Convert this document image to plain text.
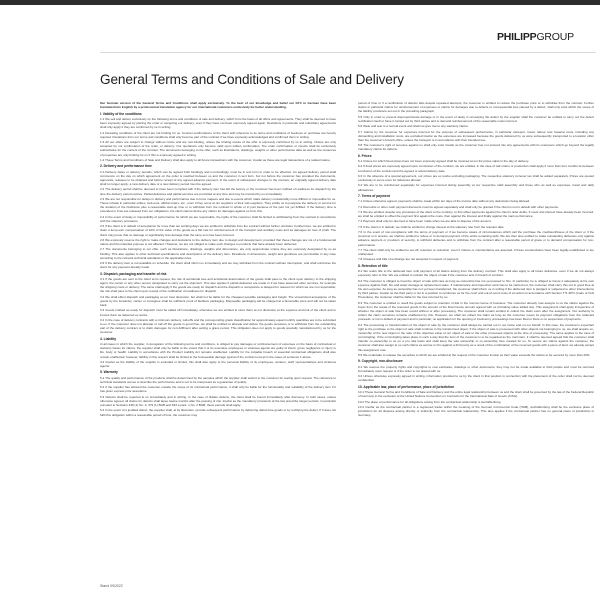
PHILIPPGROUP
General Terms and Conditions of Sale and Delivery

Our German version of the General Terms and Conditions shall apply exclusively. To the best of our knowledge and belief our GTC in German have been translated into English by a professional translation agency for our international customers exclusively for better understanding.

I. Validity of the conditions

1.1 We sell and deliver exclusively on the following terms and conditions of sale and delivery, which form the basis of all offers and agreements. They shall be deemed to have been expressly agreed by placing the order or accepting our delivery, even if they have not been expressly agreed again. Deviations in particular and subsidiary agreements shall only apply if they are confirmed by us in writing.

1.2 Deviating conditions of the client are not binding for us. Counter-confirmations of the client with reference to its terms and conditions of business or purchase are hereby rejected. Deviations from our terms and conditions shall only become part of the contract if we have expressly acknowledged and confirmed them in writing.

1.3 All our offers are subject to change without notice and are non-binding, unless the binding nature of the offer is expressly confirmed by us in writing. Orders are only accepted by our confirmation of the order, or delivery. Our quotations only become valid upon written confirmation. The order confirmation or invoice shall be exclusively authoritative for the content of the contract. The documents belonging to the offer, such as illustrations, drawings, weights or other performance data as well as the resources of properties are only binding for us if this is expressly agreed in writing.

1.4 These Terms and Conditions of Sale and Delivery shall also apply to all future transactions with the customer, insofar as these are legal transactions of a related nature.

2. Delivery and performance time

2.1 Delivery dates or delivery periods, which can be agreed both bindingly and non-bindingly, must be in text form in order to be effective. An agreed delivery period shall commence on the day on which agreement on the order is reached between us and the customer in text form, but not before the customer has provided the documents, approvals, releases to be obtained and before receipt of any agreed advance payment. In the event of subsequent changes to the contract, an originally agreed delivery date shall no longer apply; a new delivery date or a new delivery period must be agreed.

2.2 The delivery period shall be deemed to have been complied with if the delivery item has left the factory or the customer has been notified of readiness for dispatch by the time the delivery period expires. Partial deliveries and partial services are permitted at any time and may be invoiced by us immediately.

2.3 We are not responsible for delays in delivery and performance due to force majeure and due to events which make delivery considerably more difficult or impossible for us. These include in particular strikes, lock-outs, official orders, etc., even if they occur at our suppliers or their sub-suppliers. They entitle us to postpone the delivery or service for the duration of the hindrance plus a reasonable start-up time or to withdraw from the contract in whole or in part because of the part not yet fulfilled. If the delivery time is extended or if we are released from our obligations, the client cannot derive any claims for damages against us from this.

2.4 In the event of delay or impossibility of performance for which we are responsible, the rights of the customer shall be limited to withdrawing from the contract in accordance with the statutory provisions.

2.5 If the client is in default of acceptance for more than ten working days we are entitled to withdraw from the contract without further reminder. Furthermore, we are entitled to claim a lump-sum compensation of 10% of the value of the goods as a flat rate for reimbursement of the transport and ancillary costs and as damages for loss of profit. The client may prove that no damage or significantly less damage than the lump sum has been incurred.

2.6 We expressly reserve the right to make changes and deviations to the delivery item due to design and development, provided that these changes are not of a fundamental nature and the intended purpose is not affected. However, we are not obliged to make such changes to products that have already been delivered.

2.7 The documents belonging to our offer, such as illustrations, drawings, weights and dimensions, are only approximate unless they are expressly designated by us as binding. This also applies to other technical specifications and descriptions of the delivery item. Deviations in dimensions, weight and goodness are permissible in any case according to the relevant technical standards or the applicable rules.

2.8 If the delivery item is not available on schedule, the client shall inform us immediately and we may withdraw from the contract without interruption, and shall reimburse the client for any payment already made.

3. Dispatch, packaging and transfer of risk

3.1 If the goods are sent to the client at its request, the risk of accidental loss and accidental deterioration of the goods shall pass to the client upon delivery to the shipping agent, the carrier or any other person designated to carry out the shipment. This also applies if partial deliveries are made or if we have assumed other services, for example the shipping costs or delivery. The same shall apply if the goods are ready for dispatch and the dispatch or acceptance is delayed for reasons for which we are not responsible; the risk shall pass to the client upon receipt of the notification of readiness for dispatch.

3.2 We shall effect dispatch and packaging at our best discretion, but shall not be liable for the cheapest possible packaging and freight. The unrestricted acceptance of the goods by the forwarder, carrier or consignee shall be sufficient proof of faultless packaging. Disposable packaging will be charged at a favourable price and will not be taken back.

3.3 Goods notified as ready for dispatch must be called off immediately, otherwise we are entitled to store them at our discretion at the expense and risk of the client and to invoice them as delivered ex works.

3.4 In the case of delivery contracts with a minimum delivery, call-offs and the corresponding grade classification for approximately equal monthly quantities are to be submitted to us. If the customer does not allocate or call off the goods in good time, we shall be entitled to allocate and deliver the goods ourselves or to withdraw from the outstanding part of the delivery contract or to claim damages for non-fulfilment after setting a grace period. This obligation does not apply to goods specially manufactured by us for the customer.

4. Liability

In all cases in which the supplier, in derogation of the following terms and conditions, is obliged to pay damages or reimbursement of expenses on the basis of contractual or statutory bases for claims, the supplier shall only be liable to the extent that it or its executive employees or vicarious agents are guilty of intent, gross negligence or injury to life, body or health. Liability in accordance with the Product Liability Act remains unaffected. Liability for the culpable breach of essential contractual obligations shall also remain unaffected; however, liability in this respect shall be limited to the foreseeable damage typical of the contract except in the cases of sentence 1 above.

4.2 Insofar as the liability of the supplier is excluded or limited, this shall also apply to the personal liability of its employees, workers, staff, representatives and vicarious agents.

5. Warranty

5.1 The quality and performance of the products shall be determined by the samples which the supplier shall submit to the customer for testing upon request. The reference to technical standards serves to describe the performance and is not to be interpreted as a guarantee of quality.

5.2 If the supplier has advised the customer outside the scope of its contractual performance, it shall only be liable for the functionality and suitability of the delivery item if it has given express prior assurance.

5.3 Defects shall be reported to us immediately and in writing. In the case of hidden defects, the client shall be bound immediately after discovery. In both cases, unless otherwise agreed, all claims for defects shall lapse twelve months after the passing of risk. Insofar as the mandatory provisions of the law prescribe longer periods, in particular pursuant to Sections 438 (1) No. 2, 479 (1) BGB and 634 a para. 1 No. 2 BGB, these periods shall apply.

5.4 In the event of a justified defect, the supplier shall, at its discretion, provide subsequent performance by delivering defect-free goods or by rectifying the defect. If it does not fulfil this obligation within a reasonable period of time, the customer may

period of time or if a rectification of defects fails despite repeated attempts, the customer is entitled to reduce the purchase price or to withdraw from the contract. Further claims in particular claims for reimbursement of expenses or claims for damages due to defects or consequential loss caused by a defect, shall only exist within the scope of the liability provisions set out in the preceding paragraph.

5.5 Only in order to prevent disproportionate damage or in the event of delay in remedying the defect by the supplier shall the customer be entitled to carry out the defect rectification itself or have it carried out by third parties and to demand reimbursement of the reasonable costs incurred.

5.6 Wear and tear is a normal event and shall not give rise to any warranty claims.

5.7 Claims by the customer for expenses incurred for the purpose of subsequent performance, in particular transport, travel, labour and material costs, including any dismantling and installation costs, are excluded insofar as the expenses are increased because the goods delivered by us were subsequently transported to a location other than the customer's branch office, unless the transport is in accordance with their intended use.

5.8 The customer's right of recourse against us shall only exist insofar as the customer has not entered into any agreements with its customers which go beyond the legally mandatory claims for defects.

6. Prices

6.1 Unless for which fixed prices have not been expressly agreed shall be invoiced at our list prices valid on the day of delivery.

6.2 If fixed prices are expressly agreed upon conclusion of the contract, we are entitled, in the case of call orders or production shall apply if more than four months lie between conclusion of the contract and the agreed or actual delivery date.

6.3 In the absence of a special agreement, our prices are ex works excluding packaging. The respective statutory turnover tax shall be added separately. Prices are quoted exclusively in euros even for deliveries abroad.

6.4 We are to be reimbursed separately for expenses incurred during assembly at our respective valid assembly and those who as well as expenses, travel and daily allowances.

7. Terms of payment

7.1 Unless otherwise agreed, payments shall be made within ten days of the invoice date without any deductions being allowed.

7.2 Discounts or other cash payment discounts must be agreed separately and shall only be granted if the client is not in default with other payments.

7.3 We are entitled, despite any provisions of the client to the contrary, to first offset payments against the client's older debts. If costs and interest have already been incurred, we shall be entitled to offset the payment first against the costs, then against the interest and finally against the main performance.

7.4 Payment shall only be deemed to have been made when we are able to dispose of the amount.

7.5 If the client is in default, we shall be entitled to charge interest at the statutory rate from the relevant date.

7.6 In the event of non-compliance with the terms of payment or if we become aware of circumstances which call the purchase the creditworthiness of the client or if the customer is in arrears, we shall be entitled to refuse or to demand payment of the entire remaining debt. We are then also entitled to make outstanding deliveries only against advance payment or provision of security, to withhold deliveries and to withdraw from the contract after a reasonable period of grace or to demand compensation for non-performance.

7.7 The client shall only be entitled to set-off, retention or reduction, even if notices or counterclaims are asserted, if these counterclaims have been legally established or are undisputed.

7.8 Cheques and bills of exchange are not accepted in respect of payment.

8. Retention of title

8.1 We retain title to the delivered item until payment of all claims arising from the delivery contract. This shall also apply to all future deliveries, even if we do not always expressly refer to this. We are entitled to reclaim the object of sale if the customer acts in breach of contract.

8.2 The customer is obliged to treat the object of sale with care as long as ownership has not yet passed to him. In particular, he is obliged to insure it adequately at his own expense against theft, fire and water damage at replacement value. If maintenance and inspection work has to be carried out, the customer shall carry this out in good time at his own expense. As long as ownership has not yet been transferred, the customer shall inform us in writing if the delivered item is pledged or subjected to other interventions by third parties. Insofar as the third party is not in a position to reimburse us for the court and out-of-court costs of an action in accordance with Section 771 ZPO (Code of Civil Procedure), the customer shall be liable for the loss incurred by us.

8.3 The customer is entitled to resell the goods subject to retention of title in the normal course of business. The customer already now assigns to us the claims against the buyer from the resale of the reserved goods in the amount of the final invoice amount agreed with us (including value added tax). This assignment shall apply irrespective of whether the object of sale has been resold without or after processing. The customer shall remain entitled to collect the claim even after the assignment. Our authority to collect the claim ourselves remains unaffected by this. However, we shall not collect the claim as long as the customer meets its payment obligations from the collected proceeds, is not in default of payment and in particular, no application for the opening of insolvency proceedings has been filed or there is no suspension of payments.

8.4 The processing or transformation of the object of sale by the customer shall always be carried out in our name and on our behalf. In this case, the customer's expectant right to the purchase to the object of sale shall continue in the transformed object. If the object of sale is processed with other objects not belonging to us, we shall acquire co-ownership of the new object in the ratio of the objective value of our object of sale to the other processed objects at the time of processing. The same applies to the case of commingling. If the commingling takes place in such a way that the item of the customer is to be regarded as the main item, it shall be deemed agreed that the customer shall transfer co-ownership to us on a pro rata basis and shall keep the sole ownership or co-ownership thus created for us. To secure our claims against the customer, the customer shall also assign to us such claims as accrue to him against a third party as a result of the combination of the reserved goods with a piece of land. we already accept this assignment now.

8.5 We undertake to release the securities to which we are entitled at the request of the customer insofar as their value exceeds the claims to be secured by more than 20%.

9. Copyright, non-disclosure

9.1 We reserve the property rights and copyrights to cost estimates, drawings or other documents; they may not be made available to third parties and must be returned immediately upon request or if the order is not placed with us.

9.2 Unless otherwise expressly agreed in writing, information provided to us by the client in that position in connection with the placement of the order shall not be deemed confidential.

10. Applicable law, place of performance, place of jurisdiction

10.1 These General Terms and Conditions of Sale and Delivery and the entire legal relationship between us and the client shall be governed by the law of the Federal Republic of Germany to the exclusion of the United Nations Convention on Contracts for the International Sale of Goods (CISG).

10.2 The place of performance for all obligations arising from the contractual relationship is Aschaffenburg.

10.3 Insofar as the contractual partner is a registered trader within the meaning of the German Commercial Code (HGB), Aschaffenburg shall be the exclusive place of jurisdiction for all disputes arising directly or indirectly from the contractual relationship. This also applies if the contractual partner has no general place of jurisdiction in Germany.

Stand 09/2022
